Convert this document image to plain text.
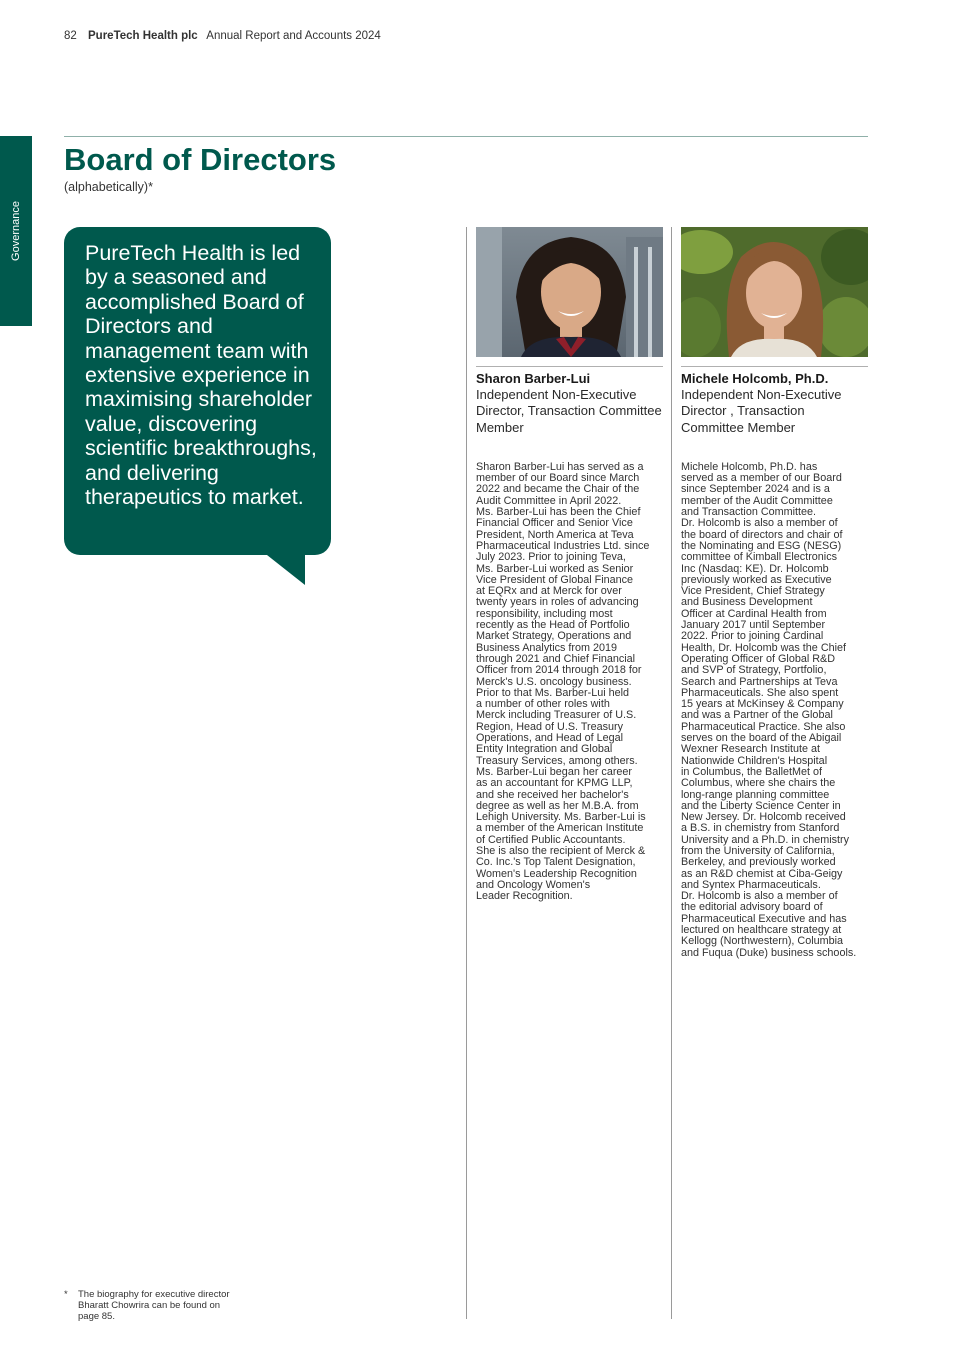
82 PureTech Health plc Annual Report and Accounts 2024
Governance
Board of Directors
(alphabetically)*
PureTech Health is led by a seasoned and accomplished Board of Directors and management team with extensive experience in maximising shareholder value, discovering scientific breakthroughs, and delivering therapeutics to market.
Sharon Barber-Lui
Independent Non-Executive Director, Transaction Committee Member
Sharon Barber-Lui has served as a
member of our Board since March
2022 and became the Chair of the
Audit Committee in April 2022.
Ms. Barber-Lui has been the Chief
Financial Officer and Senior Vice
President, North America at Teva
Pharmaceutical Industries Ltd. since
July 2023. Prior to joining Teva,
Ms. Barber-Lui worked as Senior
Vice President of Global Finance
at EQRx and at Merck for over
twenty years in roles of advancing
responsibility, including most
recently as the Head of Portfolio
Market Strategy, Operations and
Business Analytics from 2019
through 2021 and Chief Financial
Officer from 2014 through 2018 for
Merck's U.S. oncology business.
Prior to that Ms. Barber-Lui held
a number of other roles with
Merck including Treasurer of U.S.
Region, Head of U.S. Treasury
Operations, and Head of Legal
Entity Integration and Global
Treasury Services, among others.
Ms. Barber-Lui began her career
as an accountant for KPMG LLP,
and she received her bachelor's
degree as well as her M.B.A. from
Lehigh University. Ms. Barber-Lui is
a member of the American Institute
of Certified Public Accountants.
She is also the recipient of Merck &
Co. Inc.'s Top Talent Designation,
Women's Leadership Recognition
and Oncology Women's
Leader Recognition.
Michele Holcomb, Ph.D.
Independent Non-Executive Director , Transaction Committee Member
Michele Holcomb, Ph.D. has
served as a member of our Board
since September 2024 and is a
member of the Audit Committee
and Transaction Committee.
Dr. Holcomb is also a member of
the board of directors and chair of
the Nominating and ESG (NESG)
committee of Kimball Electronics
Inc (Nasdaq: KE). Dr. Holcomb
previously worked as Executive
Vice President, Chief Strategy
and Business Development
Officer at Cardinal Health from
January 2017 until September
2022. Prior to joining Cardinal
Health, Dr. Holcomb was the Chief
Operating Officer of Global R&D
and SVP of Strategy, Portfolio,
Search and Partnerships at Teva
Pharmaceuticals. She also spent
15 years at McKinsey & Company
and was a Partner of the Global
Pharmaceutical Practice. She also
serves on the board of the Abigail
Wexner Research Institute at
Nationwide Children's Hospital
in Columbus, the BalletMet of
Columbus, where she chairs the
long-range planning committee
and the Liberty Science Center in
New Jersey. Dr. Holcomb received
a B.S. in chemistry from Stanford
University and a Ph.D. in chemistry
from the University of California,
Berkeley, and previously worked
as an R&D chemist at Ciba-Geigy
and Syntex Pharmaceuticals.
Dr. Holcomb is also a member of
the editorial advisory board of
Pharmaceutical Executive and has
lectured on healthcare strategy at
Kellogg (Northwestern), Columbia
and Fuqua (Duke) business schools.
*	The biography for executive director
Bharatt Chowrira can be found on
page 85.
